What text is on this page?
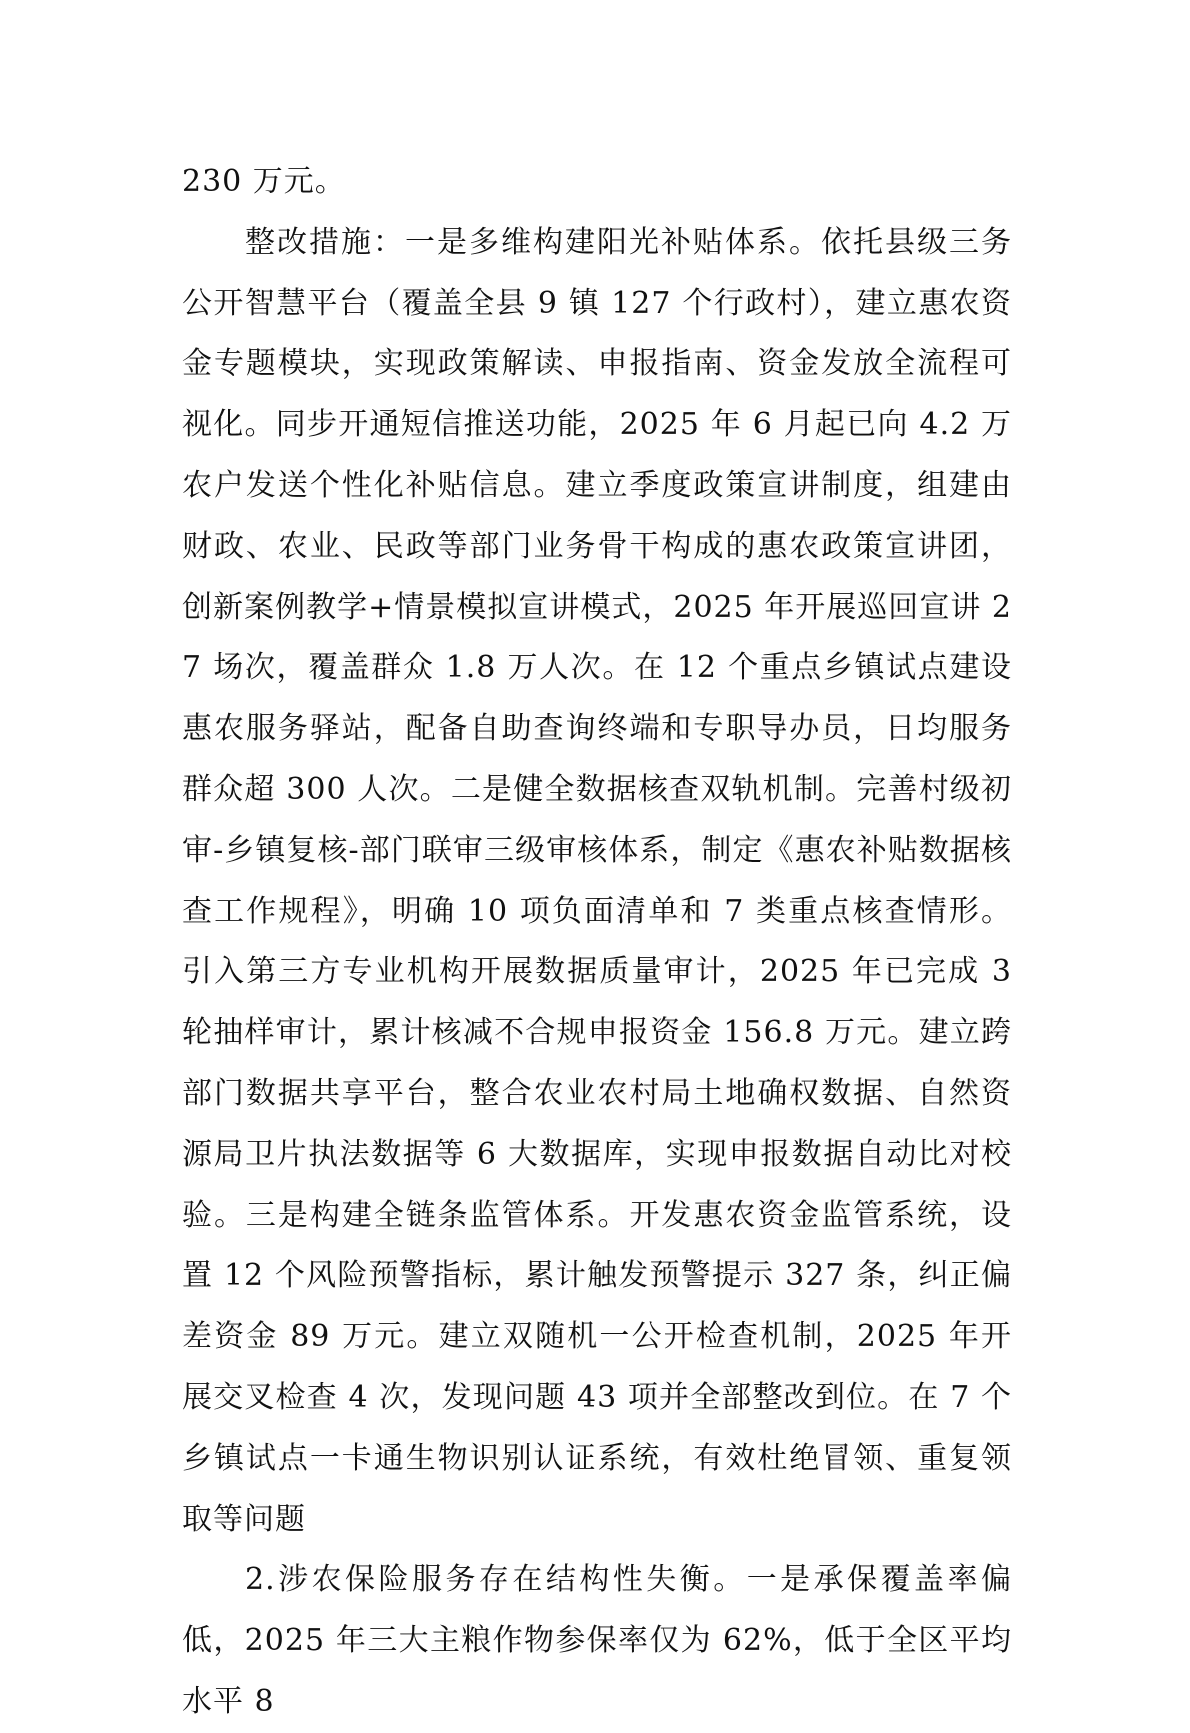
230 万元。

整改措施：一是多维构建阳光补贴体系。依托县级三务公开智慧平台（覆盖全县 9 镇 127 个行政村），建立惠农资金专题模块，实现政策解读、申报指南、资金发放全流程可视化。同步开通短信推送功能，2025 年 6 月起已向 4.2 万农户发送个性化补贴信息。建立季度政策宣讲制度，组建由财政、农业、民政等部门业务骨干构成的惠农政策宣讲团，创新案例教学+情景模拟宣讲模式，2025 年开展巡回宣讲 27 场次，覆盖群众 1.8 万人次。在 12 个重点乡镇试点建设惠农服务驿站，配备自助查询终端和专职导办员，日均服务群众超 300 人次。二是健全数据核查双轨机制。完善村级初审-乡镇复核-部门联审三级审核体系，制定《惠农补贴数据核查工作规程》，明确 10 项负面清单和 7 类重点核查情形。引入第三方专业机构开展数据质量审计，2025 年已完成 3 轮抽样审计，累计核减不合规申报资金 156.8 万元。建立跨部门数据共享平台，整合农业农村局土地确权数据、自然资源局卫片执法数据等 6 大数据库，实现申报数据自动比对校验。三是构建全链条监管体系。开发惠农资金监管系统，设置 12 个风险预警指标，累计触发预警提示 327 条，纠正偏差资金 89 万元。建立双随机一公开检查机制，2025 年开展交叉检查 4 次，发现问题 43 项并全部整改到位。在 7 个乡镇试点一卡通生物识别认证系统，有效杜绝冒领、重复领取等问题

2.涉农保险服务存在结构性失衡。一是承保覆盖率偏低，2025 年三大主粮作物参保率仅为 62%，低于全区平均水平 8
